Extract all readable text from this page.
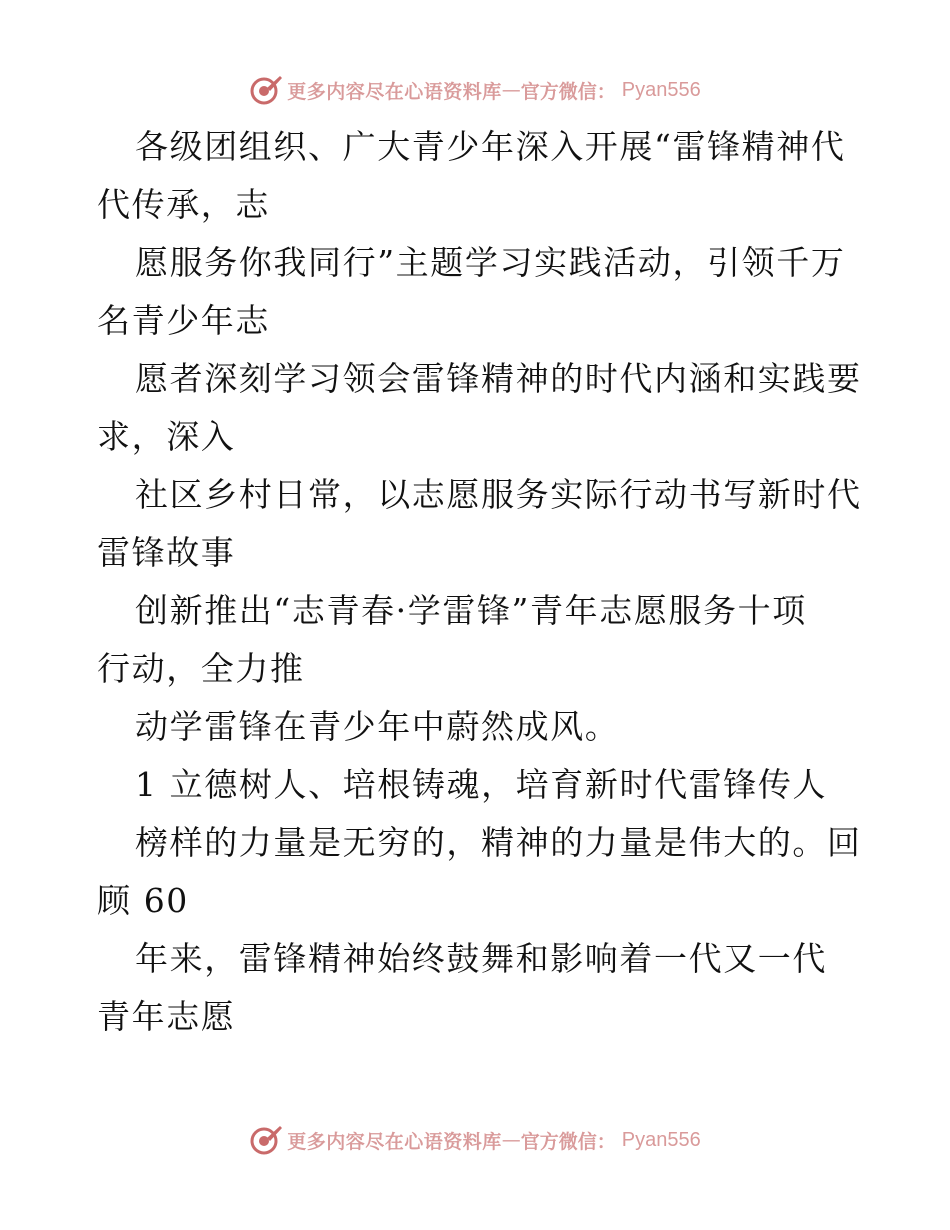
更多内容尽在心语资料库 — 官方微信： Pyan556
各级团组织、广大青少年深入开展“雷锋精神代
代传承，志
愿服务你我同行”主题学习实践活动，引领千万
名青少年志
愿者深刻学习领会雷锋精神的时代内涵和实践要
求，深入
社区乡村日常，以志愿服务实际行动书写新时代
雷锋故事
创新推出“志青春·学雷锋”青年志愿服务十项
行动，全力推
动学雷锋在青少年中蔚然成风。
1 立德树人、培根铸魂，培育新时代雷锋传人
榜样的力量是无穷的，精神的力量是伟大的。回
顾 60
年来，雷锋精神始终鼓舞和影响着一代又一代
青年志愿
更多内容尽在心语资料库 — 官方微信： Pyan556
